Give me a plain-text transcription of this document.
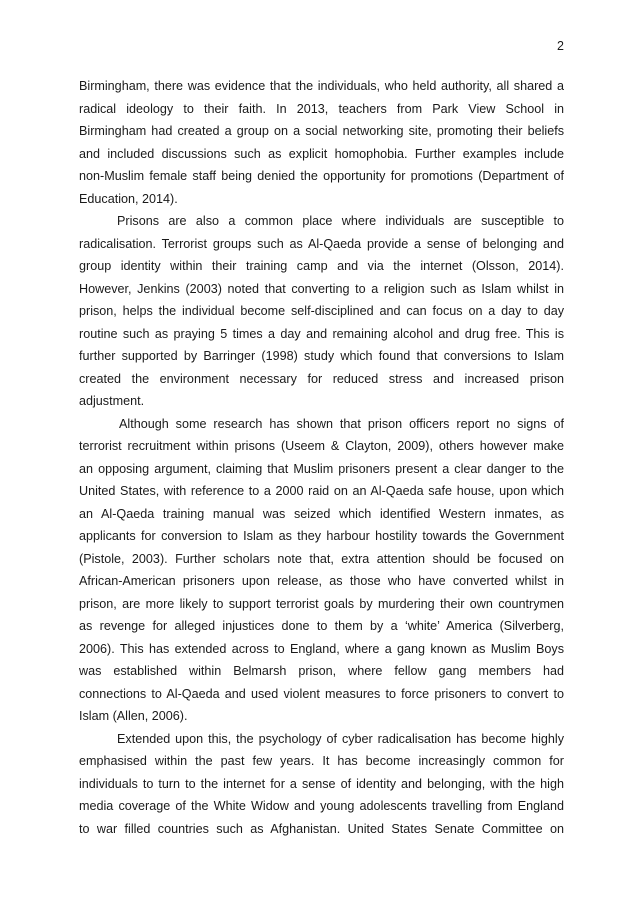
2
Birmingham, there was evidence that the individuals, who held authority, all shared a
radical ideology to their faith. In 2013, teachers from Park View School in
Birmingham had created a group on a social networking site, promoting their beliefs
and included discussions such as explicit homophobia. Further examples include
non-Muslim female staff being denied the opportunity for promotions (Department of
Education, 2014).
Prisons are also a common place where individuals are susceptible to
radicalisation. Terrorist groups such as Al-Qaeda provide a sense of belonging and
group identity within their training camp and via the internet (Olsson, 2014).
However, Jenkins (2003) noted that converting to a religion such as Islam whilst in
prison, helps the individual become self-disciplined and can focus on a day to day
routine such as praying 5 times a day and remaining alcohol and drug free. This is
further supported by Barringer (1998) study which found that conversions to Islam
created the environment necessary for reduced stress and increased prison
adjustment.
Although some research has shown that prison officers report no signs of
terrorist recruitment within prisons (Useem & Clayton, 2009), others however make
an opposing argument, claiming that Muslim prisoners present a clear danger to the
United States, with reference to a 2000 raid on an Al-Qaeda safe house, upon which
an Al-Qaeda training manual was seized which identified Western inmates, as
applicants for conversion to Islam as they harbour hostility towards the Government
(Pistole, 2003). Further scholars note that, extra attention should be focused on
African-American prisoners upon release, as those who have converted whilst in
prison, are more likely to support terrorist goals by murdering their own countrymen
as revenge for alleged injustices done to them by a ‘white’ America (Silverberg,
2006). This has extended across to England, where a gang known as Muslim Boys
was established within Belmarsh prison, where fellow gang members had
connections to Al-Qaeda and used violent measures to force prisoners to convert to
Islam (Allen, 2006).
Extended upon this, the psychology of cyber radicalisation has become highly
emphasised within the past few years. It has become increasingly common for
individuals to turn to the internet for a sense of identity and belonging, with the high
media coverage of the White Widow and young adolescents travelling from England
to war filled countries such as Afghanistan. United States Senate Committee on
